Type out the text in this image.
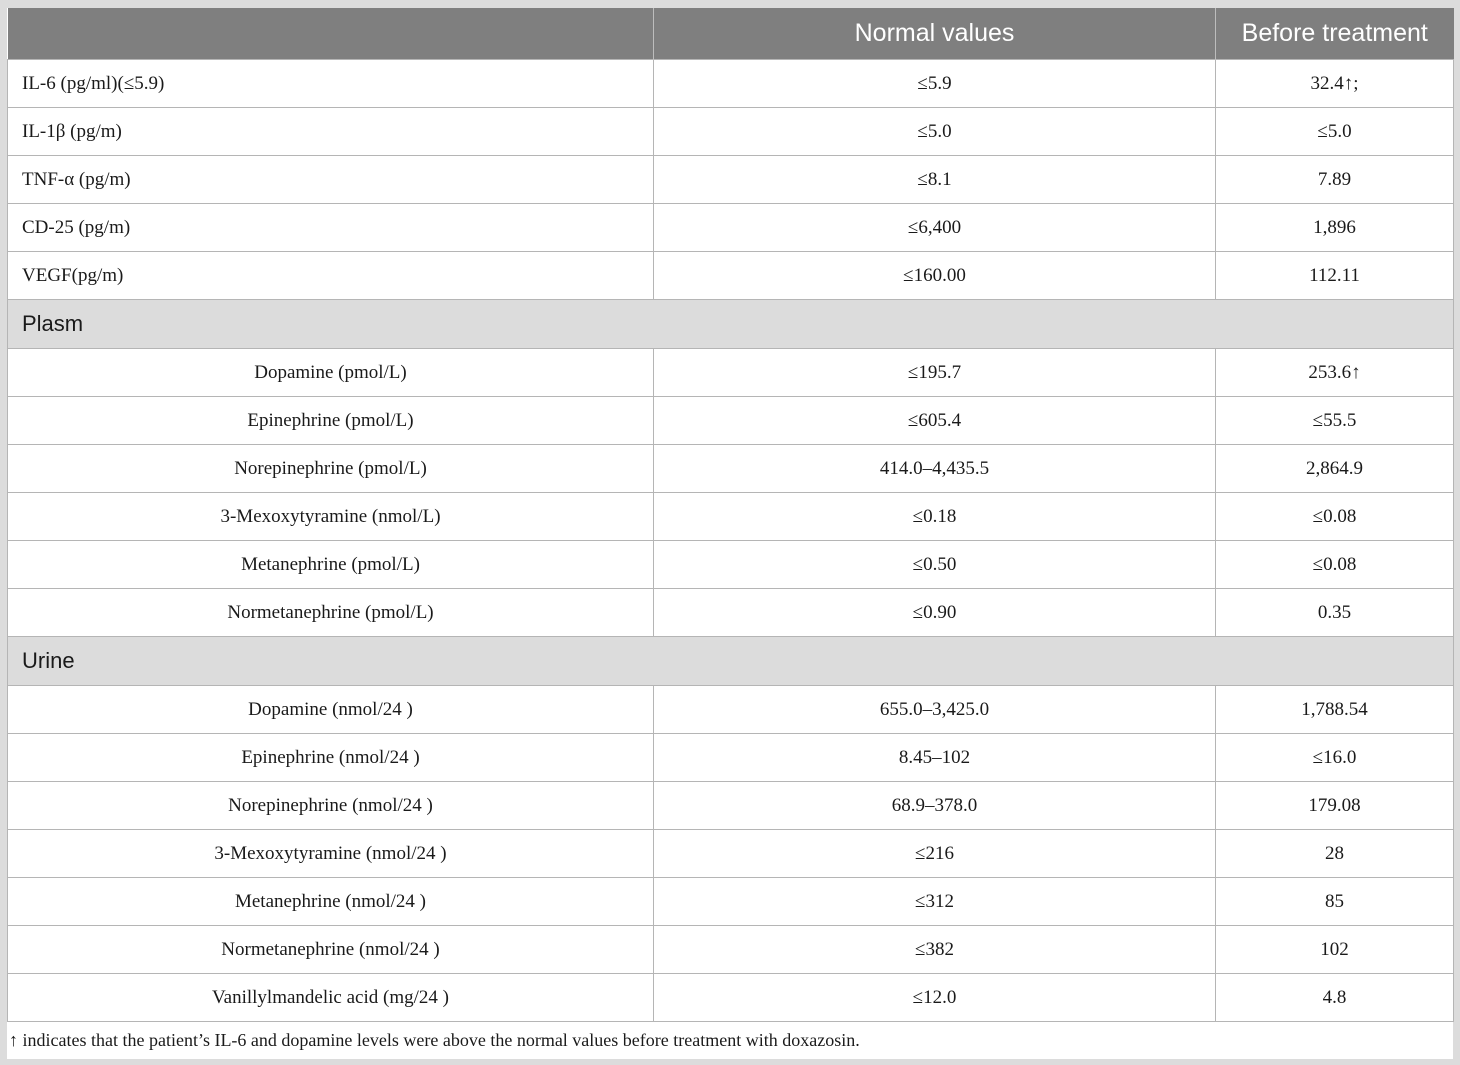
	Normal values	Before treatment
IL-6 (pg/ml)(≤5.9)	≤5.9	32.4↑;
IL-1β (pg/m)	≤5.0	≤5.0
TNF-α (pg/m)	≤8.1	7.89
CD-25 (pg/m)	≤6,400	1,896
VEGF(pg/m)	≤160.00	112.11
Plasm		
Dopamine (pmol/L)	≤195.7	253.6↑
Epinephrine (pmol/L)	≤605.4	≤55.5
Norepinephrine (pmol/L)	414.0–4,435.5	2,864.9
3-Mexoxytyramine (nmol/L)	≤0.18	≤0.08
Metanephrine (pmol/L)	≤0.50	≤0.08
Normetanephrine (pmol/L)	≤0.90	0.35
Urine		
Dopamine (nmol/24 )	655.0–3,425.0	1,788.54
Epinephrine (nmol/24 )	8.45–102	≤16.0
Norepinephrine (nmol/24 )	68.9–378.0	179.08
3-Mexoxytyramine (nmol/24 )	≤216	28
Metanephrine (nmol/24 )	≤312	85
Normetanephrine (nmol/24 )	≤382	102
Vanillylmandelic acid (mg/24 )	≤12.0	4.8
↑ indicates that the patient’s IL-6 and dopamine levels were above the normal values before treatment with doxazosin.
